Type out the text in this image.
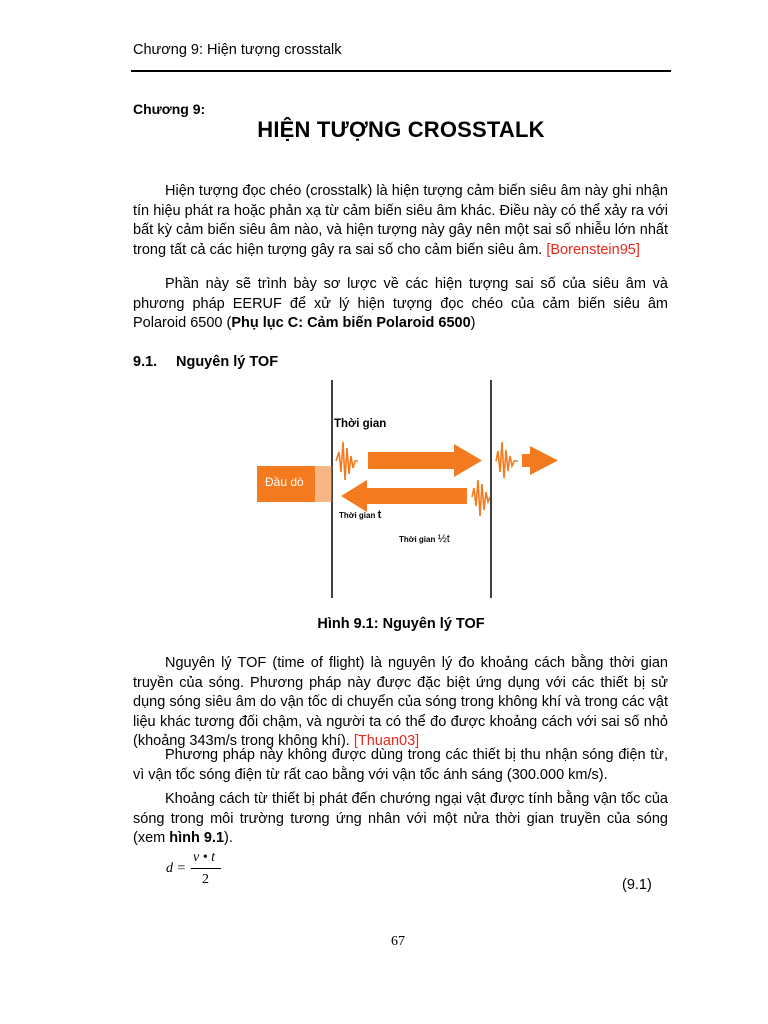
Chương 9: Hiện tượng crosstalk
Chương 9:
HIỆN TƯỢNG CROSSTALK
Hiện tượng đọc chéo (crosstalk) là hiện tượng cảm biến siêu âm này ghi nhận tín hiệu phát ra hoặc phản xạ từ cảm biến siêu âm khác. Điều này có thể xảy ra với bất kỳ cảm biến siêu âm nào, và hiện tượng này gây nên một sai số nhiễu lớn nhất trong tất cả các hiện tượng gây ra sai số cho cảm biến siêu âm. [Borenstein95]
Phần này sẽ trình bày sơ lược về các hiện tượng sai số của siêu âm và phương pháp EERUF để xử lý hiện tượng đọc chéo của cảm biến siêu âm Polaroid 6500 (Phụ lục C: Cảm biến Polaroid 6500)
9.1. Nguyên lý TOF
Đầu dò
Thời gian
Thời gian t
Thời gian ½t
Hình 9.1: Nguyên lý TOF
Nguyên lý TOF (time of flight) là nguyên lý đo khoảng cách bằng thời gian truyền của sóng. Phương pháp này được đặc biệt ứng dụng với các thiết bị sử dụng sóng siêu âm do vận tốc di chuyển của sóng trong không khí và trong các vật liệu khác tương đối chậm, và người ta có thể đo được khoảng cách với sai số nhỏ (khoảng 343m/s trong không khí). [Thuan03]
Phương pháp này không được dùng trong các thiết bị thu nhận sóng điện từ, vì vận tốc sóng điện từ rất cao bằng với vận tốc ánh sáng (300.000 km/s).
Khoảng cách từ thiết bị phát đến chướng ngại vật được tính bằng vận tốc của sóng trong môi trường tương ứng nhân với một nửa thời gian truyền của sóng (xem hình 9.1).
d =
v • t
2	(9.1)
67
